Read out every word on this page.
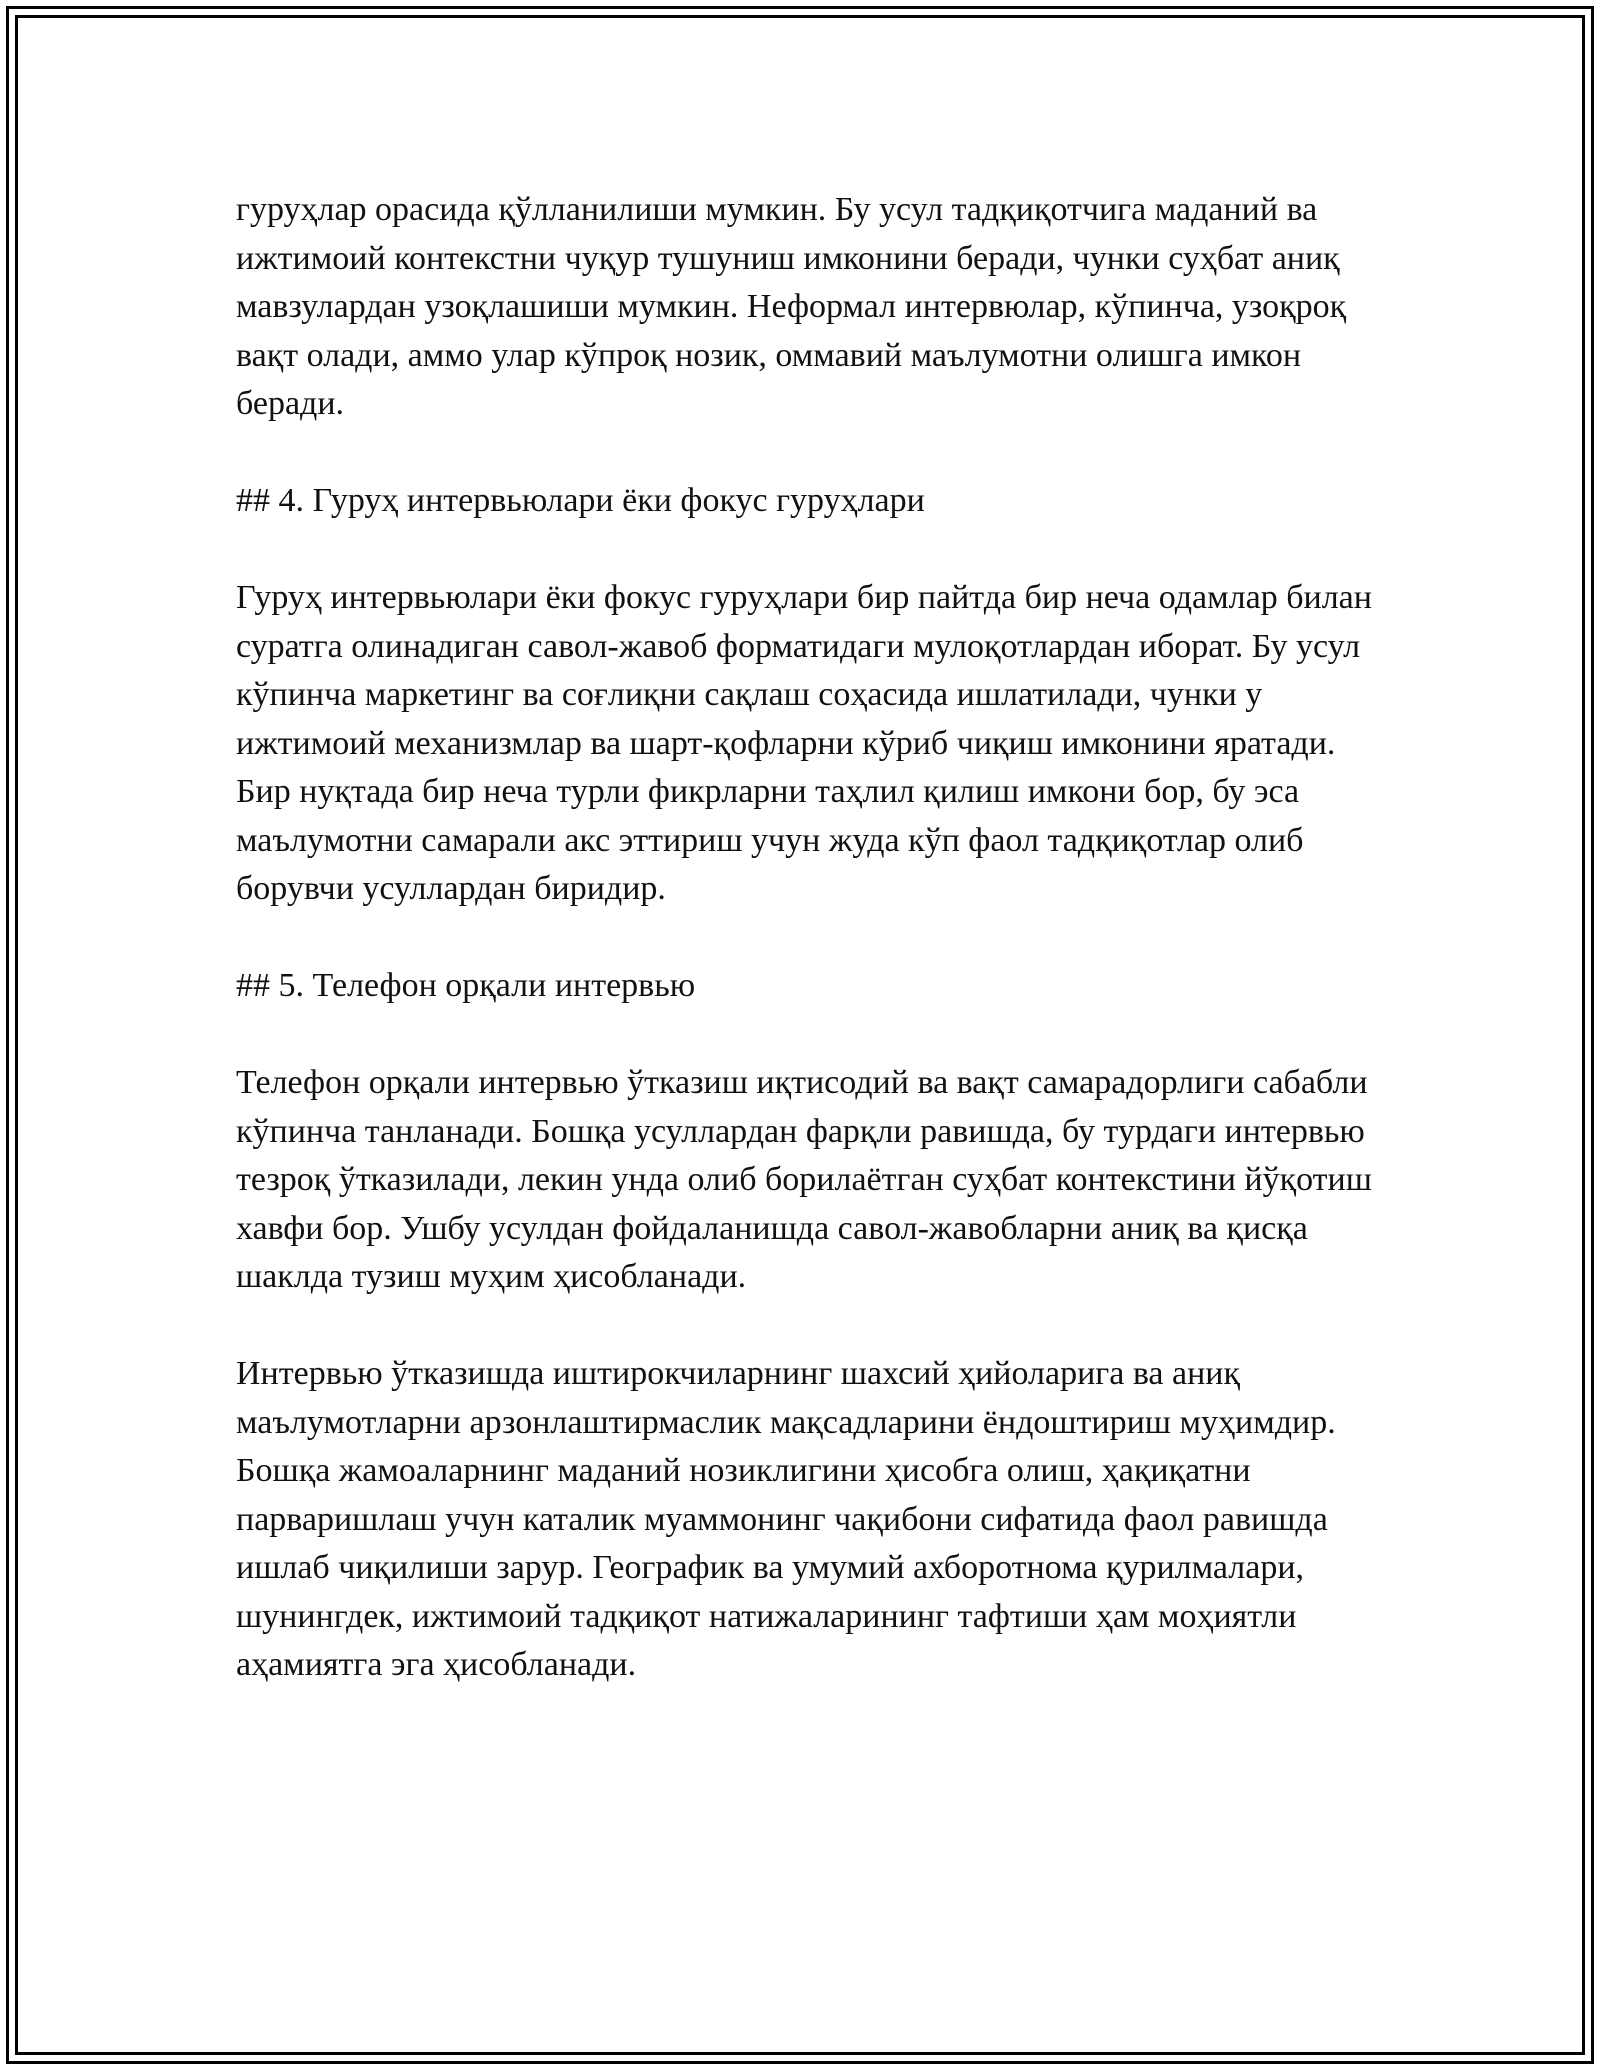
гуруҳлар орасида қўлланилиши мумкин. Бу усул тадқиқотчига маданий ва ижтимоий контекстни чуқур тушуниш имконини беради, чунки суҳбат аниқ мавзулардан узоқлашиши мумкин. Неформал интервюлар, кўпинча, узоқроқ вақт олади, аммо улар кўпроқ нозик, оммавий маълумотни олишга имкон беради.

## 4. Гуруҳ интервьюлари ёки фокус гуруҳлари

Гуруҳ интервьюлари ёки фокус гуруҳлари бир пайтда бир неча одамлар билан суратга олинадиган савол-жавоб форматидаги мулоқотлардан иборат. Бу усул кўпинча маркетинг ва соғлиқни сақлаш соҳасида ишлатилади, чунки у ижтимоий механизмлар ва шарт-қофларни кўриб чиқиш имконини яратади. Бир нуқтада бир неча турли фикрларни таҳлил қилиш имкони бор, бу эса маълумотни самарали акс эттириш учун жуда кўп фаол тадқиқотлар олиб борувчи усуллардан биридир.

## 5. Телефон орқали интервью

Телефон орқали интервью ўтказиш иқтисодий ва вақт самарадорлиги сабабли кўпинча танланади. Бошқа усуллардан фарқли равишда, бу турдаги интервью тезроқ ўтказилади, лекин унда олиб борилаётган суҳбат контекстини йўқотиш хавфи бор. Ушбу усулдан фойдаланишда савол-жавобларни аниқ ва қисқа шаклда тузиш муҳим ҳисобланади.

Интервью ўтказишда иштирокчиларнинг шахсий ҳийоларига ва аниқ маълумотларни арзонлаштирмаслик мақсадларини ёндоштириш муҳимдир. Бошқа жамоаларнинг маданий нозиклигини ҳисобга олиш, ҳақиқатни парваришлаш учун каталик муаммонинг чақибони сифатида фаол равишда ишлаб чиқилиши зарур. Географик ва умумий ахборотнома қурилмалари, шунингдек, ижтимоий тадқиқот натижаларининг тафтиши ҳам моҳиятли аҳамиятга эга ҳисобланади.
